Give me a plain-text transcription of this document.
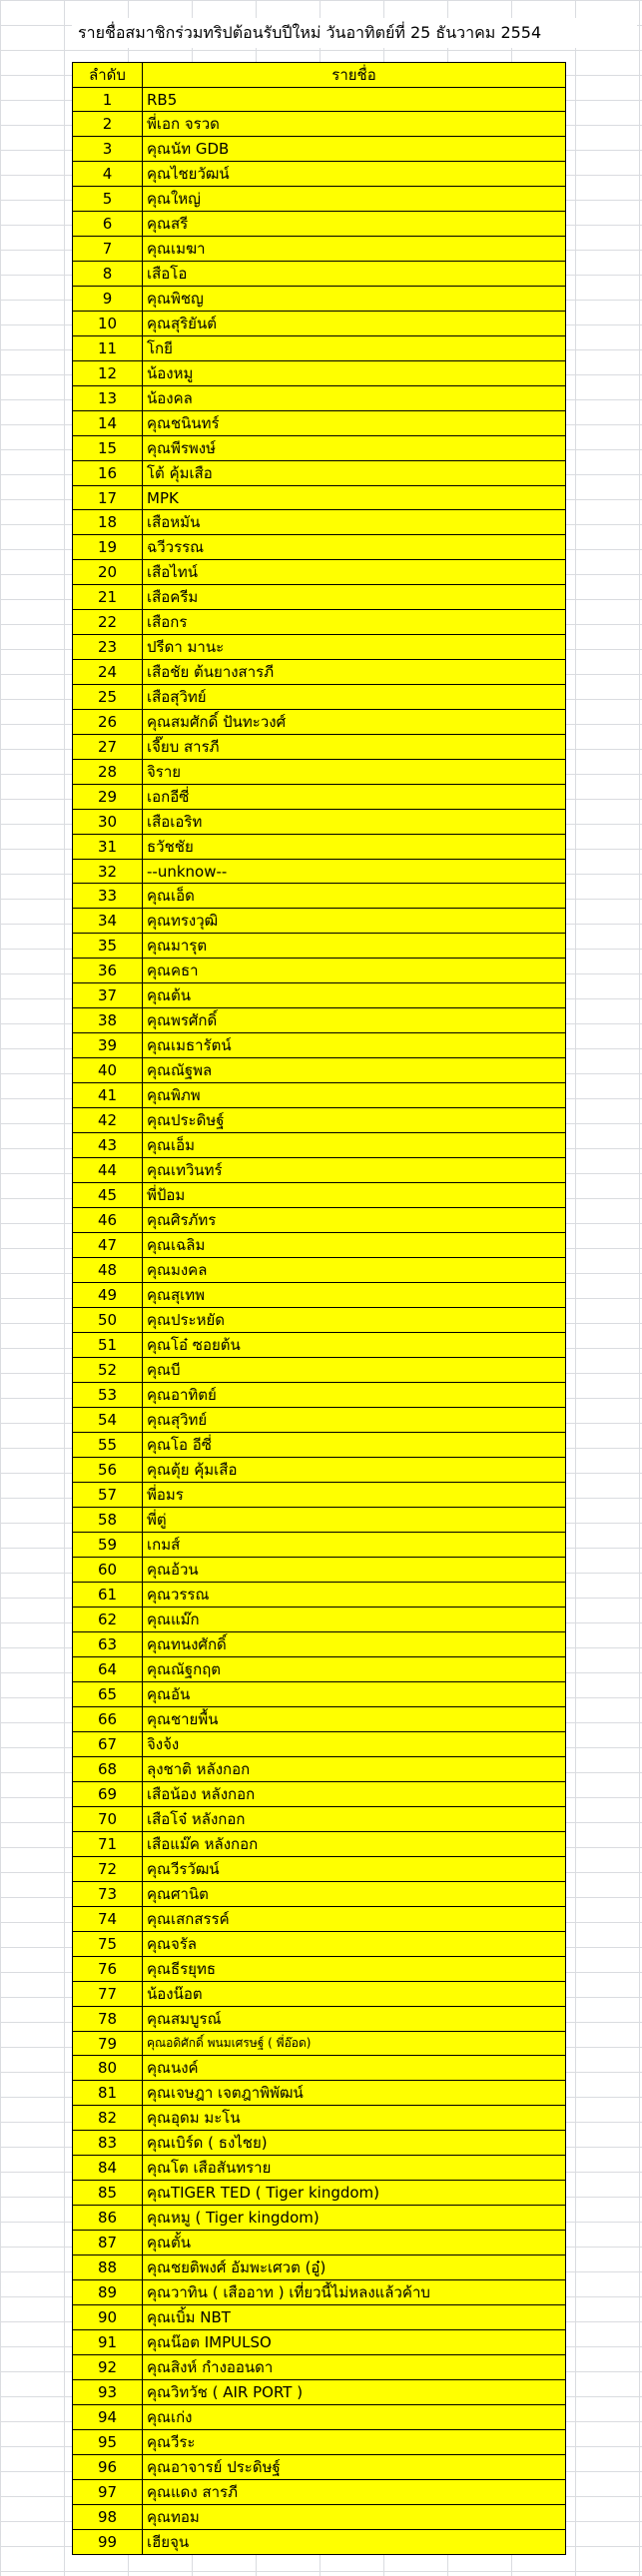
รายชื่อสมาชิกร่วมทริปต้อนรับปีใหม่ วันอาทิตย์ที่ 25 ธันวาคม 2554
ลำดับ	รายชื่อ
1	RB5
2	พี่เอก จรวด
3	คุณนัท GDB
4	คุณไชยวัฒน์
5	คุณใหญ่
6	คุณสรี
7	คุณเมฆา
8	เสือโอ
9	คุณพิชญ
10	คุณสุริยันต์
11	โกยี
12	น้องหมู
13	น้องคล
14	คุณชนินทร์
15	คุณพีรพงษ์
16	โต้ คุ้มเสือ
17	MPK
18	เสือหมัน
19	ฉวีวรรณ
20	เสือไทน์
21	เสือครีม
22	เสือกร
23	ปรีดา มานะ
24	เสือชัย ต้นยางสารภี
25	เสือสุวิทย์
26	คุณสมศักดิ์ ปันทะวงศ์
27	เจี๊ยบ สารภี
28	จิราย
29	เอกอีซี่
30	เสือเอริท
31	ธวัชชัย
32	--unknow--
33	คุณเอ็ด
34	คุณทรงวุฒิ
35	คุณมารุต
36	คุณคธา
37	คุณต้น
38	คุณพรศักดิ์
39	คุณเมธารัตน์
40	คุณณัฐพล
41	คุณพิภพ
42	คุณประดิษฐ์
43	คุณเอ็ม
44	คุณเทวินทร์
45	พี่ป้อม
46	คุณศิรภัทร
47	คุณเฉลิม
48	คุณมงคล
49	คุณสุเทพ
50	คุณประหยัด
51	คุณโอ๋ ซอยต้น
52	คุณบี
53	คุณอาทิตย์
54	คุณสุวิทย์
55	คุณโอ อีซี่
56	คุณตุ้ย คุ้มเสือ
57	พี่อมร
58	พี่ตู่
59	เกมส์
60	คุณอ้วน
61	คุณวรรณ
62	คุณแม๊ก
63	คุณทนงศักดิ์
64	คุณณัฐกฤต
65	คุณอัน
66	คุณชายพื้น
67	จิงจ้ง
68	ลุงชาติ หลังกอก
69	เสือน้อง หลังกอก
70	เสือโจ๋ หลังกอก
71	เสือแม๊ค หลังกอก
72	คุณวีรวัฒน์
73	คุณศานิต
74	คุณเสกสรรค์
75	คุณจรัล
76	คุณธีรยุทธ
77	น้องน๊อต
78	คุณสมบูรณ์
79	คุณอดิศักดิ์ พนมเศรษฐ์ ( พี่อ๊อด)
80	คุณนงค์
81	คุณเจษฎา เจตฎาพิพัฒน์
82	คุณอุดม มะโน
83	คุณเบิร์ด ( ธงไชย)
84	คุณโต เสือสันทราย
85	คุณTIGER TED ( Tiger kingdom)
86	คุณหมู ( Tiger kingdom)
87	คุณตั้น
88	คุณชยติพงศ์ อัมพะเศวต (อู๋)
89	คุณวาทิน ( เสืออาท ) เที่ยวนี้ไม่หลงแล้วค้าบ
90	คุณเบิ้ม NBT
91	คุณน๊อต IMPULSO
92	คุณสิงห์ กำงออนดา
93	คุณวิทวัช ( AIR PORT )
94	คุณเก่ง
95	คุณวีระ
96	คุณอาจารย์ ประดิษฐ์
97	คุณแดง สารภี
98	คุณทอม
99	เฮียจุน
